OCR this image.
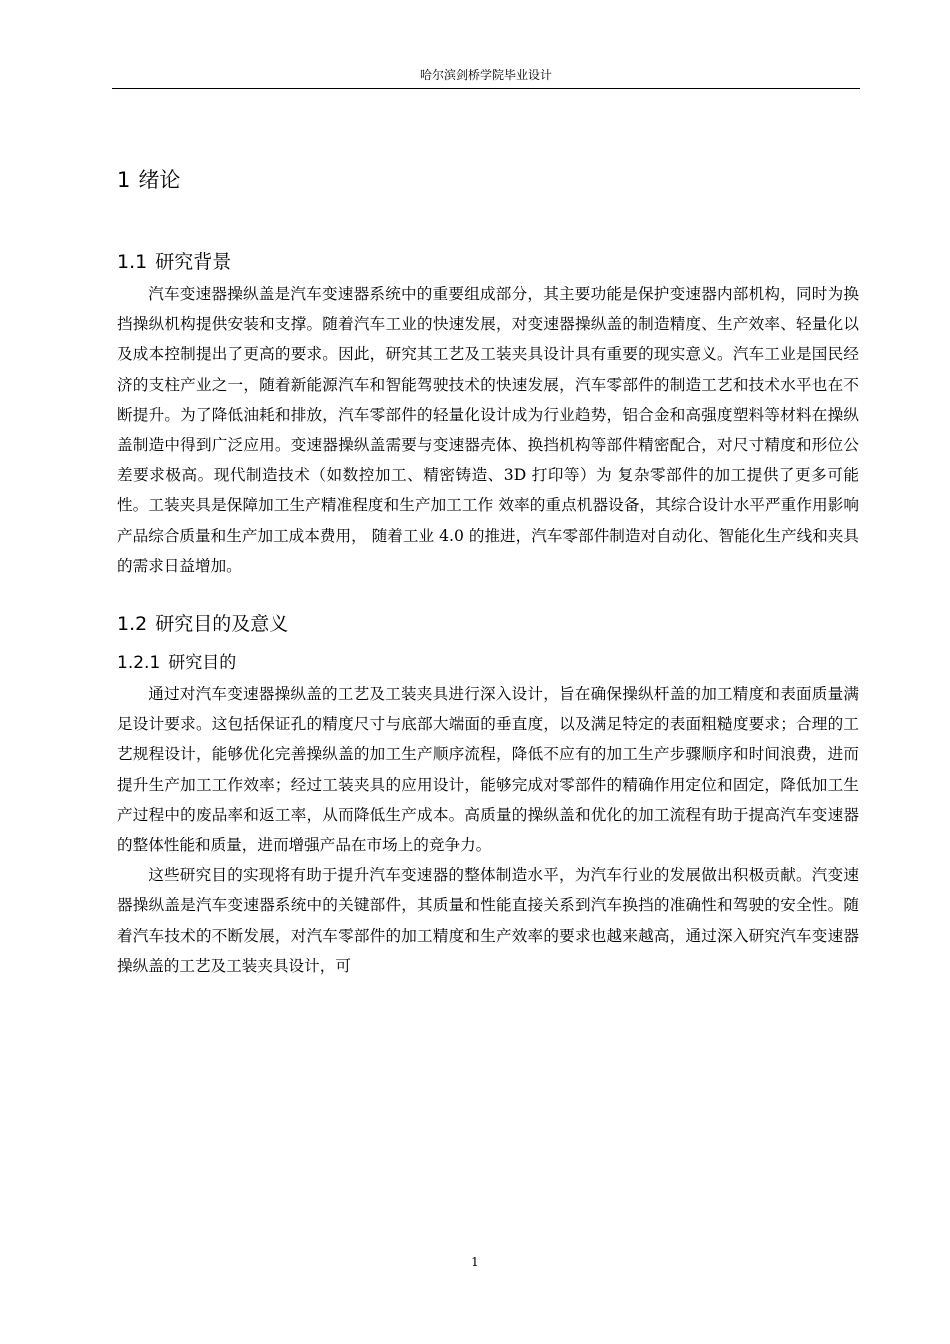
哈尔滨剑桥学院毕业设计
1 绪论
1.1 研究背景

汽车变速器操纵盖是汽车变速器系统中的重要组成部分，其主要功能是保护变速器内部机构，同时为换挡操纵机构提供安装和支撑。随着汽车工业的快速发展，对变速器操纵盖的制造精度、生产效率、轻量化以及成本控制提出了更高的要求。因此，研究其工艺及工装夹具设计具有重要的现实意义。汽车工业是国民经济的支柱产业之一，随着新能源汽车和智能驾驶技术的快速发展，汽车零部件的制造工艺和技术水平也在不断提升。为了降低油耗和排放，汽车零部件的轻量化设计成为行业趋势，铝合金和高强度塑料等材料在操纵盖制造中得到广泛应用。变速器操纵盖需要与变速器壳体、换挡机构等部件精密配合，对尺寸精度和形位公差要求极高。现代制造技术（如数控加工、精密铸造、3D 打印等）为 复杂零部件的加工提供了更多可能性。工装夹具是保障加工生产精准程度和生产加工工作 效率的重点机器设备，其综合设计水平严重作用影响产品综合质量和生产加工成本费用， 随着工业 4.0 的推进，汽车零部件制造对自动化、智能化生产线和夹具的需求日益增加。

1.2 研究目的及意义
1.2.1 研究目的

通过对汽车变速器操纵盖的工艺及工装夹具进行深入设计，旨在确保操纵杆盖的加工精度和表面质量满足设计要求。这包括保证孔的精度尺寸与底部大端面的垂直度，以及满足特定的表面粗糙度要求；合理的工艺规程设计，能够优化完善操纵盖的加工生产顺序流程，降低不应有的加工生产步骤顺序和时间浪费，进而提升生产加工工作效率；经过工装夹具的应用设计，能够完成对零部件的精确作用定位和固定，降低加工生产过程中的废品率和返工率，从而降低生产成本。高质量的操纵盖和优化的加工流程有助于提高汽车变速器的整体性能和质量，进而增强产品在市场上的竞争力。

这些研究目的实现将有助于提升汽车变速器的整体制造水平，为汽车行业的发展做出积极贡献。汽变速器操纵盖是汽车变速器系统中的关键部件，其质量和性能直接关系到汽车换挡的准确性和驾驶的安全性。随着汽车技术的不断发展，对汽车零部件的加工精度和生产效率的要求也越来越高，通过深入研究汽车变速器操纵盖的工艺及工装夹具设计，可

1
